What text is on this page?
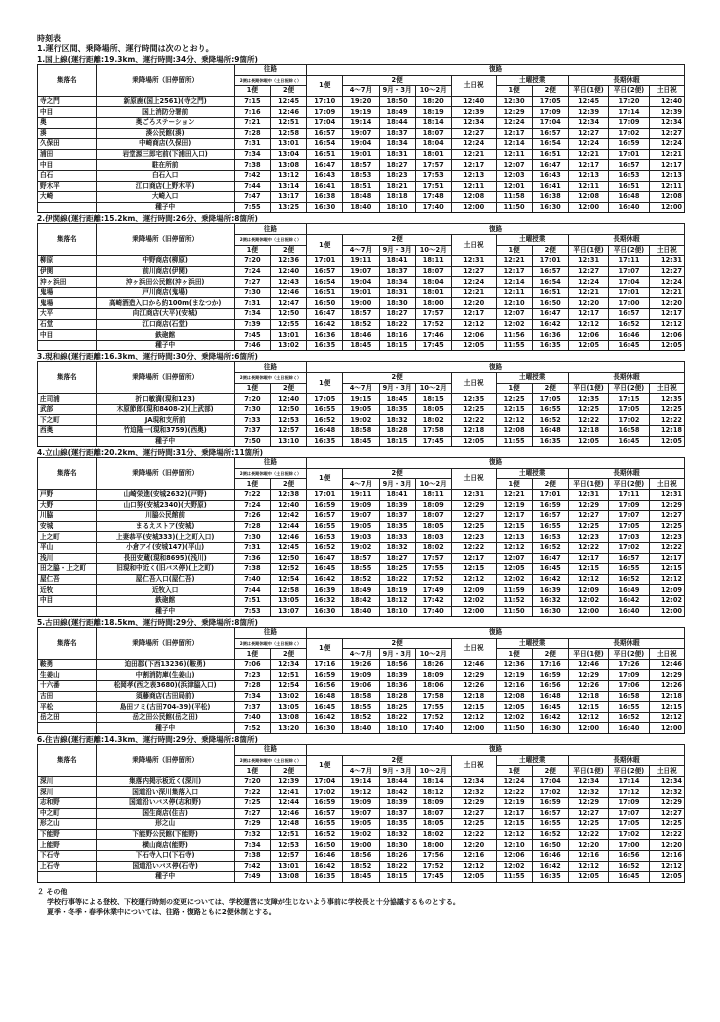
時刻表
1.運行区間、乗降場所、運行時間は次のとおり。
1.国上線(運行距離:19.3km、運行時間:34分、乗降場所:9箇所)
集落名	乗降場所（旧停留所）	往路		復路									
		2便は長期休暇中（土日祝除く）		1便	2便			土日祝	土曜授業		長期休暇		
		1便	2便		4～7月	9月・3月	10～2月		1便	2便	平日(1便)	平日(2便)	土日祝
寺之門	新原鹿(国上2561)(寺之門)	7:15	12:45	17:10	19:20	18:50	18:20	12:40	12:30	17:05	12:45	17:20	12:40
中目	国上消防分署前	7:16	12:46	17:09	19:19	18:49	18:19	12:39	12:29	17:09	12:39	17:14	12:39
奥	奥ごろステーション	7:21	12:51	17:04	19:14	18:44	18:14	12:34	12:24	17:04	12:34	17:09	12:34
湊	湊公民館(湊)	7:28	12:58	16:57	19:07	18:37	18:07	12:27	12:17	16:57	12:27	17:02	12:27
久保田	中崎商店(久保田)	7:31	13:01	16:54	19:04	18:34	18:04	12:24	12:14	16:54	12:24	16:59	12:24
浦田	岩堂源三郎宅前(下浦田入口)	7:34	13:04	16:51	19:01	18:31	18:01	12:21	12:11	16:51	12:21	17:01	12:21
中目	駐在所前	7:38	13:08	16:47	18:57	18:27	17:57	12:17	12:07	16:47	12:17	16:57	12:17
白石	白石入口	7:42	13:12	16:43	18:53	18:23	17:53	12:13	12:03	16:43	12:13	16:53	12:13
野木平	江口商店(上野木平)	7:44	13:14	16:41	18:51	18:21	17:51	12:11	12:01	16:41	12:11	16:51	12:11
大崎	大崎入口	7:47	13:17	16:38	18:48	18:18	17:48	12:08	11:58	16:38	12:08	16:48	12:08
	種子中	7:55	13:25	16:30	18:40	18:10	17:40	12:00	11:50	16:30	12:00	16:40	12:00
2.伊関線(運行距離:15.2km、運行時間:26分、乗降場所:8箇所)
集落名	乗降場所（旧停留所）	往路		復路									
		2便は長期休暇中（土日祝除く）		1便	2便			土日祝	土曜授業		長期休暇		
		1便	2便		4～7月	9月・3月	10～2月		1便	2便	平日(1便)	平日(2便)	土日祝
柳原	中野商店(柳原)	7:20	12:36	17:01	19:11	18:41	18:11	12:31	12:21	17:01	12:31	17:11	12:31
伊関	前川商店(伊関)	7:24	12:40	16:57	19:07	18:37	18:07	12:27	12:17	16:57	12:27	17:07	12:27
沖ヶ浜田	沖ヶ浜田公民館(沖ヶ浜田)	7:27	12:43	16:54	19:04	18:34	18:04	12:24	12:14	16:54	12:24	17:04	12:24
鬼場	戸川商店(鬼場)	7:30	12:46	16:51	19:01	18:31	18:01	12:21	12:11	16:51	12:21	17:01	12:21
鬼場	高崎酒造入口から約100m(まなつか)	7:31	12:47	16:50	19:00	18:30	18:00	12:20	12:10	16:50	12:20	17:00	12:20
大平	向江商店(大平)(安城)	7:34	12:50	16:47	18:57	18:27	17:57	12:17	12:07	16:47	12:17	16:57	12:17
石堂	江口商店(石堂)	7:39	12:55	16:42	18:52	18:22	17:52	12:12	12:02	16:42	12:12	16:52	12:12
中目	鉄砲館	7:45	13:01	16:36	18:46	18:16	17:46	12:06	11:56	16:36	12:06	16:46	12:06
	種子中	7:46	13:02	16:35	18:45	18:15	17:45	12:05	11:55	16:35	12:05	16:45	12:05
3.現和線(運行距離:16.3km、運行時間:30分、乗降場所:6箇所)
集落名	乗降場所（旧停留所）	往路		復路									
		2便は長期休暇中（土日祝除く）		1便	2便			土日祝	土曜授業		長期休暇		
		1便	2便		4～7月	9月・3月	10～2月		1便	2便	平日(1便)	平日(2便)	土日祝
庄司浦	折口敏満(現和123)	7:20	12:40	17:05	19:15	18:45	18:15	12:35	12:25	17:05	12:35	17:15	12:35
武部	木原節郎(現和8408-2)(上武部)	7:30	12:50	16:55	19:05	18:35	18:05	12:25	12:15	16:55	12:25	17:05	12:25
下之町	JA現和支所前	7:33	12:53	16:52	19:02	18:32	18:02	12:22	12:12	16:52	12:22	17:02	12:22
西奥	竹迫隆一(現和3759)(西奥)	7:37	12:57	16:48	18:58	18:28	17:58	12:18	12:08	16:48	12:18	16:58	12:18
	種子中	7:50	13:10	16:35	18:45	18:15	17:45	12:05	11:55	16:35	12:05	16:45	12:05
4.立山線(運行距離:20.2km、運行時間:31分、乗降場所:11箇所)
集落名	乗降場所（旧停留所）	往路		復路									
		2便は長期休暇中（土日祝除く）		1便	2便			土日祝	土曜授業		長期休暇		
		1便	2便		4～7月	9月・3月	10～2月		1便	2便	平日(1便)	平日(2便)	土日祝
戸野	山崎栄進(安城2632)(戸野)	7:22	12:38	17:01	19:11	18:41	18:11	12:31	12:21	17:01	12:31	17:11	12:31
大野	山口努(安城2340)(大野原)	7:24	12:40	16:59	19:09	18:39	18:09	12:29	12:19	16:59	12:29	17:09	12:29
川脇	川脇公民館前	7:26	12:42	16:57	19:07	18:37	18:07	12:27	12:17	16:57	12:27	17:07	12:27
安城	まるえストア(安城)	7:28	12:44	16:55	19:05	18:35	18:05	12:25	12:15	16:55	12:25	17:05	12:25
上之町	上妻恭平(安城333)(上之町入口)	7:30	12:46	16:53	19:03	18:33	18:03	12:23	12:13	16:53	12:23	17:03	12:23
平山	小倉アイ(安城147)(平山)	7:31	12:45	16:52	19:02	18:32	18:02	12:22	12:12	16:52	12:22	17:02	12:22
浅川	長田安蔵(現和8695)(浅川)	7:36	12:50	16:47	18:57	18:27	17:57	12:17	12:07	16:47	12:17	16:57	12:17
田之脇・上之町	旧現和中近く(旧バス停)(上之町)	7:38	12:52	16:45	18:55	18:25	17:55	12:15	12:05	16:45	12:15	16:55	12:15
屋仁吾	屋仁吾入口(屋仁吾)	7:40	12:54	16:42	18:52	18:22	17:52	12:12	12:02	16:42	12:12	16:52	12:12
近牧	近牧入口	7:44	12:58	16:39	18:49	18:19	17:49	12:09	11:59	16:39	12:09	16:49	12:09
中目	鉄砲館	7:51	13:05	16:32	18:42	18:12	17:42	12:02	11:52	16:32	12:02	16:42	12:02
	種子中	7:53	13:07	16:30	18:40	18:10	17:40	12:00	11:50	16:30	12:00	16:40	12:00
5.古田線(運行距離:18.5km、運行時間:29分、乗降場所:8箇所)
集落名	乗降場所（旧停留所）	往路		復路									
		2便は長期休暇中（土日祝除く）		1便	2便			土日祝	土曜授業		長期休暇		
		1便	2便		4～7月	9月・3月	10～2月		1便	2便	平日(1便)	平日(2便)	土日祝
鞍勇	迫田郡(下西13236)(鞍勇)	7:06	12:34	17:16	19:26	18:56	18:26	12:46	12:36	17:16	12:46	17:26	12:46
生姜山	中割消防庫(生姜山)	7:23	12:51	16:59	19:09	18:39	18:09	12:29	12:19	16:59	12:29	17:09	12:29
十六番	松岡孝(西之表3680)(浜津脇入口)	7:28	12:54	16:56	19:06	18:36	18:06	12:26	12:16	16:56	12:26	17:06	12:26
古田	須藤商店(古田局前)	7:34	13:02	16:48	18:58	18:28	17:58	12:18	12:08	16:48	12:18	16:58	12:18
平松	島田フミ(古田704-39)(平松)	7:37	13:05	16:45	18:55	18:25	17:55	12:15	12:05	16:45	12:15	16:55	12:15
岳之田	岳之田公民館(岳之田)	7:40	13:08	16:42	18:52	18:22	17:52	12:12	12:02	16:42	12:12	16:52	12:12
	種子中	7:52	13:20	16:30	18:40	18:10	17:40	12:00	11:50	16:30	12:00	16:40	12:00
6.住吉線(運行距離:14.3km、運行時間:29分、乗降場所:8箇所)
集落名	乗降場所（旧停留所）	往路		復路									
		2便は長期休暇中（土日祝除く）		1便	2便			土日祝	土曜授業		長期休暇		
		1便	2便		4～7月	9月・3月	10～2月		1便	2便	平日(1便)	平日(2便)	土日祝
深川	集落内掲示板近く(深川)	7:20	12:39	17:04	19:14	18:44	18:14	12:34	12:24	17:04	12:34	17:14	12:34
深川	国道沿い深川集落入口	7:22	12:41	17:02	19:12	18:42	18:12	12:32	12:22	17:02	12:32	17:12	12:32
志和野	国道沿いバス停(志和野)	7:25	12:44	16:59	19:09	18:39	18:09	12:29	12:19	16:59	12:29	17:09	12:29
中之町	国生商店(住吉)	7:27	12:46	16:57	19:07	18:37	18:07	12:27	12:17	16:57	12:27	17:07	12:27
形之山	形之山	7:29	12:48	16:55	19:05	18:35	18:05	12:25	12:15	16:55	12:25	17:05	12:25
下能野	下能野公民館(下能野)	7:32	12:51	16:52	19:02	18:32	18:02	12:22	12:12	16:52	12:22	17:02	12:22
上能野	横山商店(能野)	7:34	12:53	16:50	19:00	18:30	18:00	12:20	12:10	16:50	12:20	17:00	12:20
下石寺	下石寺入口(下石寺)	7:38	12:57	16:46	18:56	18:26	17:56	12:16	12:06	16:46	12:16	16:56	12:16
上石寺	国道沿いバス停(石寺)	7:42	13:01	16:42	18:52	18:22	17:52	12:12	12:02	16:42	12:12	16:52	12:12
	種子中	7:49	13:08	16:35	18:45	18:15	17:45	12:05	11:55	16:35	12:05	16:45	12:05
２ その他
学校行事等による登校、下校運行時刻の変更については、学校運営に支障が生じないよう事前に学校長と十分協議するものとする。
夏季・冬季・春季休業中については、往路・復路ともに2便休制とする。
